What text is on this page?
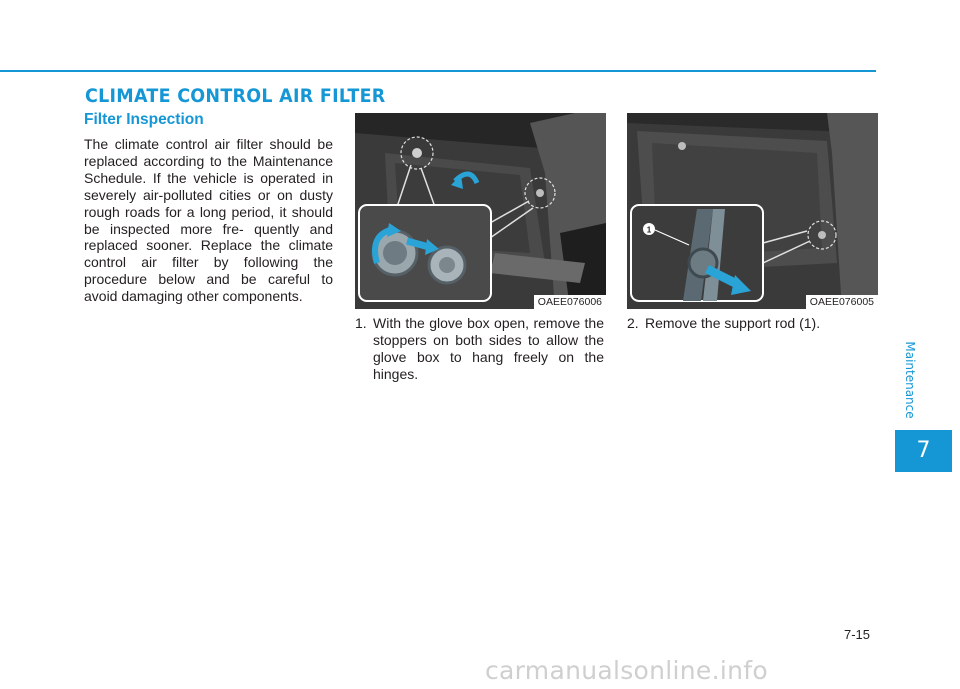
CLIMATE CONTROL AIR FILTER
Filter Inspection
The climate control air filter should be replaced according to the Maintenance Schedule. If the vehicle is operated in severely air-polluted cities or on dusty rough roads for a long period, it should be inspected more fre- quently and replaced sooner. Replace the climate control air filter by following the procedure below and be careful to avoid damaging other components.	OAEE076006
1
OAEE076005
1. With the glove box open, remove the stoppers on both sides to allow the glove box to hang freely on the hinges.
2. Remove the support rod (1).
Maintenance
7
7-15
carmanualsonline.info
